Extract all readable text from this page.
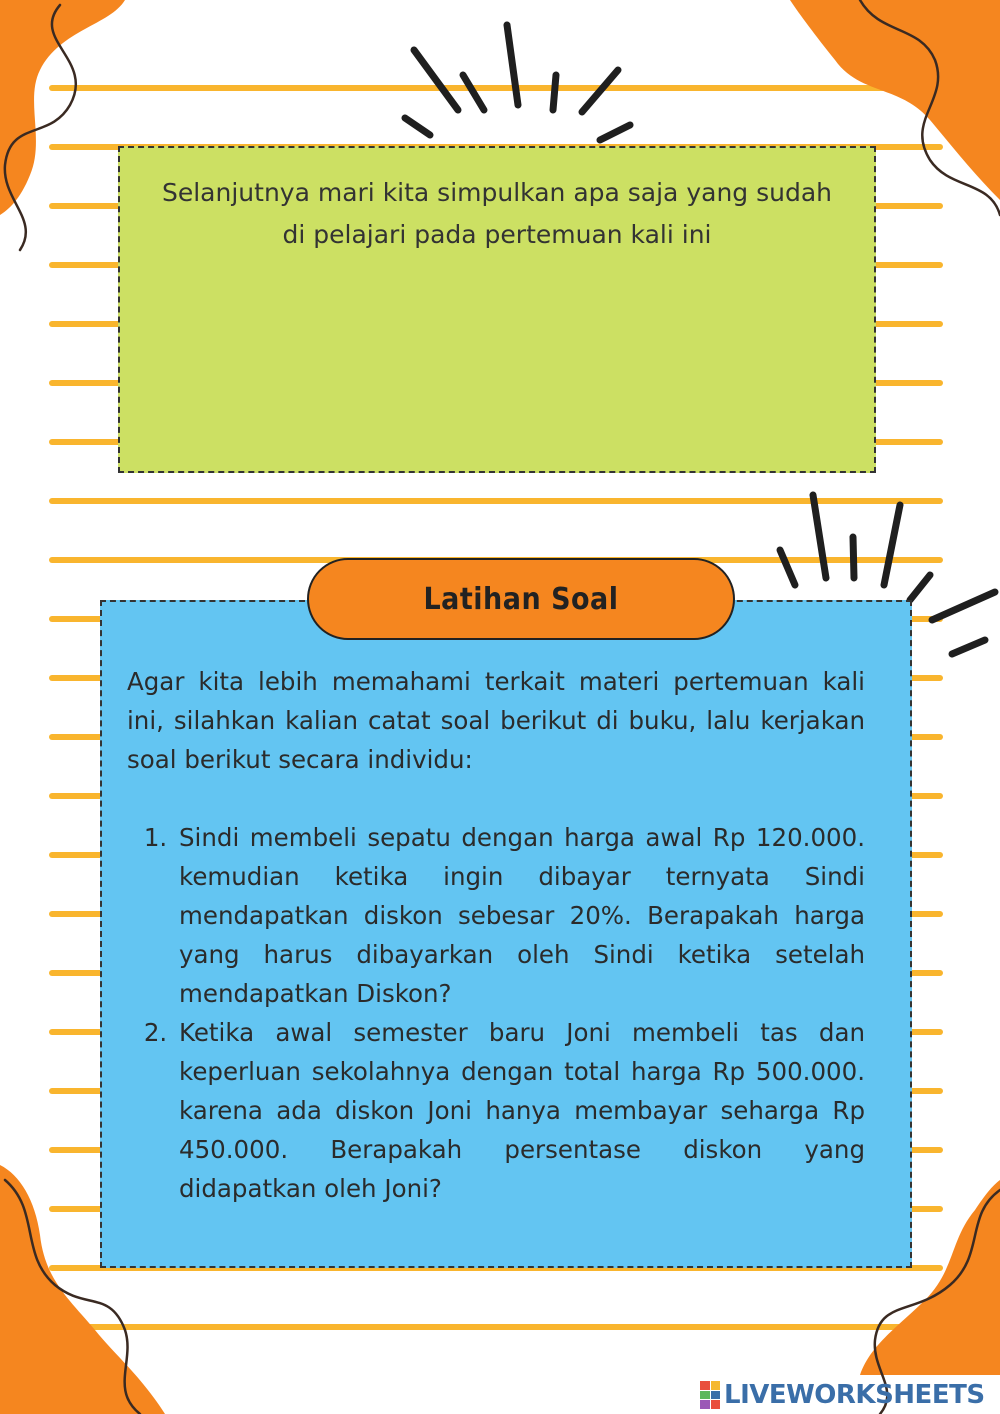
Selanjutnya mari kita simpulkan apa saja yang sudah di pelajari pada pertemuan kali ini

Agar kita lebih memahami terkait materi pertemuan kali ini, silahkan kalian catat soal berikut di buku, lalu kerjakan soal berikut secara individu:

1. Sindi membeli sepatu dengan harga awal Rp 120.000. kemudian ketika ingin dibayar ternyata Sindi mendapatkan diskon sebesar 20%. Berapakah harga yang harus dibayarkan oleh Sindi ketika setelah mendapatkan Diskon?
2. Ketika awal semester baru Joni membeli tas dan keperluan sekolahnya dengan total harga Rp 500.000. karena ada diskon Joni hanya membayar seharga Rp 450.000. Berapakah persentase diskon yang didapatkan oleh Joni?
Latihan Soal
LIVEWORKSHEETS
